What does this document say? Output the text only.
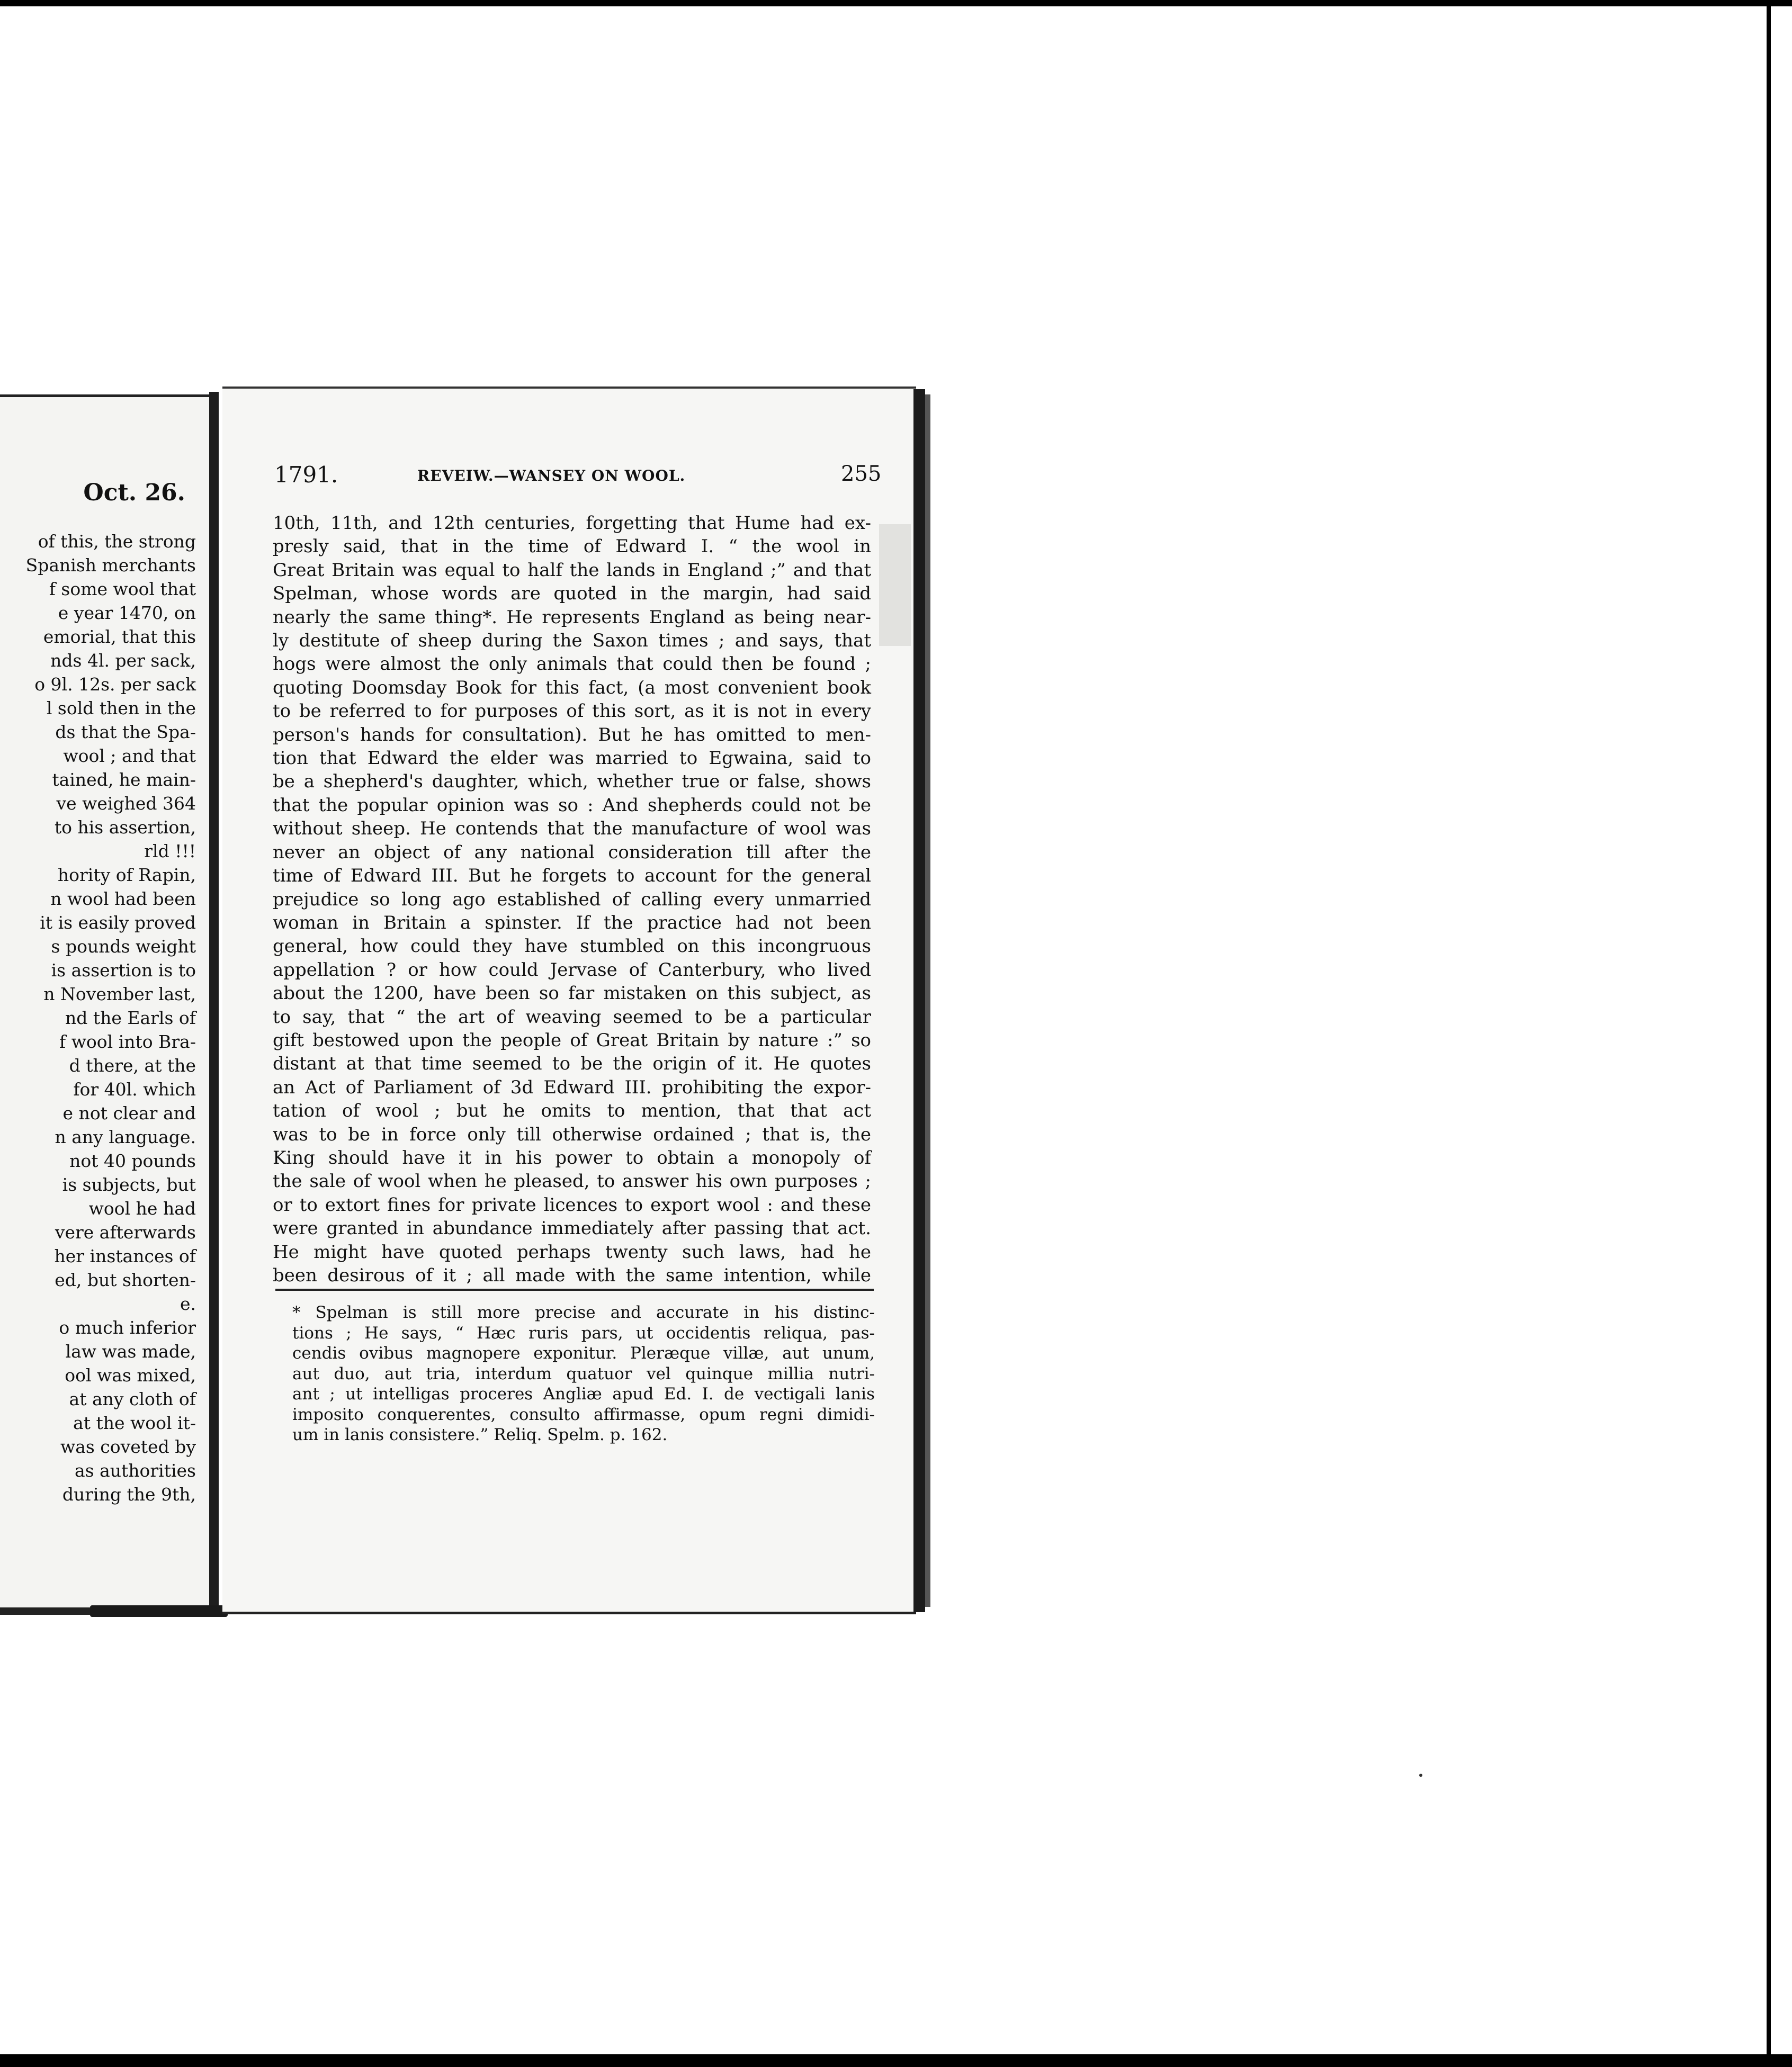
Oct. 26.
of this, the strong
Spanish merchants
f some wool that
e year 1470, on
emorial, that this
nds 4l. per sack,
o 9l. 12s. per sack
l sold then in the
ds that the Spa-
wool ; and that
tained, he main-
ve weighed 364
to his assertion,
rld !!!
hority of Rapin,
n wool had been
it is easily proved
s pounds weight
is assertion is to
n November last,
nd the Earls of
f wool into Bra-
d there, at the
for 40l. which
e not clear and
n any language.
not 40 pounds
is subjects, but
wool he had
vere afterwards
her instances of
ed, but shorten-
e.
o much inferior
law was made,
ool was mixed,
at any cloth of
at the wool it-
was coveted by
as authorities
during the 9th,
1791.	REVEIW.—WANSEY ON WOOL.	255
10th, 11th, and 12th centuries, forgetting that Hume had ex-
presly said, that in the time of Edward I. “ the wool in
Great Britain was equal to half the lands in England ;” and that
Spelman, whose words are quoted in the margin, had said
nearly the same thing*. He represents England as being near-
ly destitute of sheep during the Saxon times ; and says, that
hogs were almost the only animals that could then be found ;
quoting Doomsday Book for this fact, (a most convenient book
to be referred to for purposes of this sort, as it is not in every
person's hands for consultation). But he has omitted to men-
tion that Edward the elder was married to Egwaina, said to
be a shepherd's daughter, which, whether true or false, shows
that the popular opinion was so : And shepherds could not be
without sheep. He contends that the manufacture of wool was
never an object of any national consideration till after the
time of Edward III. But he forgets to account for the general
prejudice so long ago established of calling every unmarried
woman in Britain a spinster. If the practice had not been
general, how could they have stumbled on this incongruous
appellation ? or how could Jervase of Canterbury, who lived
about the 1200, have been so far mistaken on this subject, as
to say, that “ the art of weaving seemed to be a particular
gift bestowed upon the people of Great Britain by nature :” so
distant at that time seemed to be the origin of it. He quotes
an Act of Parliament of 3d Edward III. prohibiting the expor-
tation of wool ; but he omits to mention, that that act
was to be in force only till otherwise ordained ; that is, the
King should have it in his power to obtain a monopoly of
the sale of wool when he pleased, to answer his own purposes ;
or to extort fines for private licences to export wool : and these
were granted in abundance immediately after passing that act.
He might have quoted perhaps twenty such laws, had he
been desirous of it ; all made with the same intention, while
* Spelman is still more precise and accurate in his distinc-
tions ; He says, “ Hæc ruris pars, ut occidentis reliqua, pas-
cendis ovibus magnopere exponitur. Pleræque villæ, aut unum,
aut duo, aut tria, interdum quatuor vel quinque millia nutri-
ant ; ut intelligas proceres Angliæ apud Ed. I. de vectigali lanis
imposito conquerentes, consulto affirmasse, opum regni dimidi-
um in lanis consistere.” Reliq. Spelm. p. 162.
